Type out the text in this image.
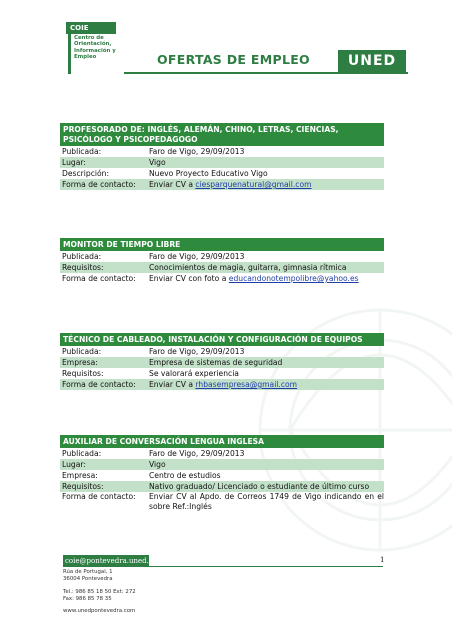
COIE
Centro de
Orientación,
Información y
Empleo	OFERTAS DE EMPLEO	UNED
PROFESORADO DE: INGLÉS, ALEMÁN, CHINO, LETRAS, CIENCIAS, PSICÓLOGO Y PSICOPEDAGOGO
Publicada:	Faro de Vigo, 29/09/2013
Lugar:	Vigo
Descripción:	Nuevo Proyecto Educativo Vigo
Forma de contacto:	Enviar CV a ciesparquenatural@gmail.com
MONITOR DE TIEMPO LIBRE
Publicada:	Faro de Vigo, 29/09/2013
Requisitos:	Conocimientos de magia, guitarra, gimnasia rítmica
Forma de contacto:	Enviar CV con foto a educandonotempolibre@yahoo.es
TÉCNICO DE CABLEADO, INSTALACIÓN Y CONFIGURACIÓN DE EQUIPOS
Publicada:	Faro de Vigo, 29/09/2013
Empresa:	Empresa de sistemas de seguridad
Requisitos:	Se valorará experiencia
Forma de contacto:	Enviar CV a rhbasempresa@gmail.com
AUXILIAR DE CONVERSACIÓN LENGUA INGLESA
Publicada:	Faro de Vigo, 29/09/2013
Lugar:	Vigo
Empresa:	Centro de estudios
Requisitos:	Nativo graduado/ Licenciado o estudiante de último curso
Forma de contacto:	Enviar CV al Apdo. de Correos 1749 de Vigo indicando en el sobre Ref.:Inglés
coie@pontevedra.uned.es	1
Rúa de Portugal, 1
36004 Pontevedra
Tel.: 986 85 18 50 Ext: 272
Fax: 986 85 78 35
www.unedpontevedra.com
